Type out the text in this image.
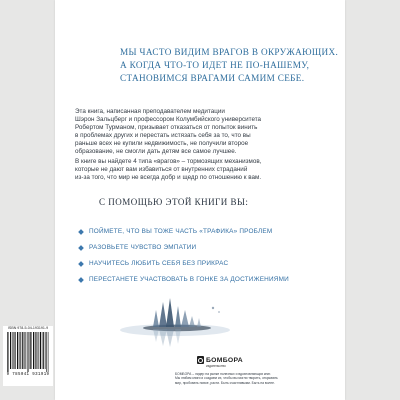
МЫ ЧАСТО ВИДИМ ВРАГОВ В ОКРУЖАЮЩИХ.
А КОГДА ЧТО-ТО ИДЕТ НЕ ПО-НАШЕМУ,
СТАНОВИМСЯ ВРАГАМИ САМИМ СЕБЕ.
Эта книга, написанная преподавателем медитации
Шэрон Зальцберг и профессором Колумбийского университета
Робертом Турманом, призывает отказаться от попыток винить
в проблемах других и перестать истязать себя за то, что вы
раньше всех не купили недвижимость, не получили второе
образование, не смогли дать детям все самое лучшее.
В книге вы найдете 4 типа «врагов» – тормозящих механизмов,
которые не дают вам избавиться от внутренних страданий
из-за того, что мир не всегда добр и щедр по отношению к вам.
С ПОМОЩЬЮ ЭТОЙ КНИГИ ВЫ:
ПОЙМЕТЕ, ЧТО ВЫ ТОЖЕ ЧАСТЬ «ТРАФИКА» ПРОБЛЕМ
РАЗОВЬЕТЕ ЧУВСТВО ЭМПАТИИ
НАУЧИТЕСЬ ЛЮБИТЬ СЕБЯ БЕЗ ПРИКРАС
ПЕРЕСТАНЕТЕ УЧАСТВОВАТЬ В ГОНКЕ ЗА ДОСТИЖЕНИЯМИ
БОМБОРА
издательство
БОМБОРА – лидер на рынке полезных и вдохновляющих книг.
Мы любим книги и создаем их, чтобы вы могли творить, открывать
мир, пробовать новое, расти. Быть счастливыми. Быть на волне.
ISBN 978-5-04-193191-9
9 785041 931919
